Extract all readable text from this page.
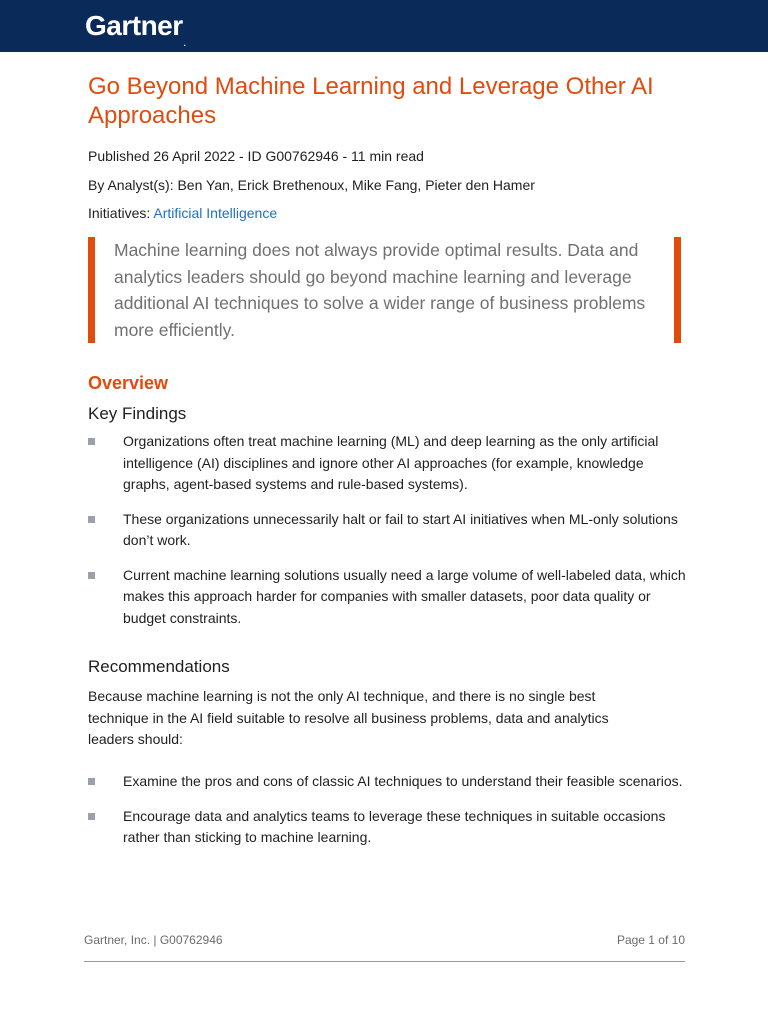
Gartner.
Go Beyond Machine Learning and Leverage Other AI Approaches

Published 26 April 2022 - ID G00762946 - 11 min read

By Analyst(s): Ben Yan, Erick Brethenoux, Mike Fang, Pieter den Hamer

Initiatives: Artificial Intelligence

Machine learning does not always provide optimal results. Data and analytics leaders should go beyond machine learning and leverage additional AI techniques to solve a wider range of business problems more efficiently.

Overview
Key Findings
Organizations often treat machine learning (ML) and deep learning as the only artificial intelligence (AI) disciplines and ignore other AI approaches (for example, knowledge graphs, agent-based systems and rule-based systems).
These organizations unnecessarily halt or fail to start AI initiatives when ML-only solutions don’t work.
Current machine learning solutions usually need a large volume of well-labeled data, which makes this approach harder for companies with smaller datasets, poor data quality or budget constraints.
Recommendations

Because machine learning is not the only AI technique, and there is no single best technique in the AI field suitable to resolve all business problems, data and analytics leaders should:

Examine the pros and cons of classic AI techniques to understand their feasible scenarios.
Encourage data and analytics teams to leverage these techniques in suitable occasions rather than sticking to machine learning.
Gartner, Inc. | G00762946	Page 1 of 10
